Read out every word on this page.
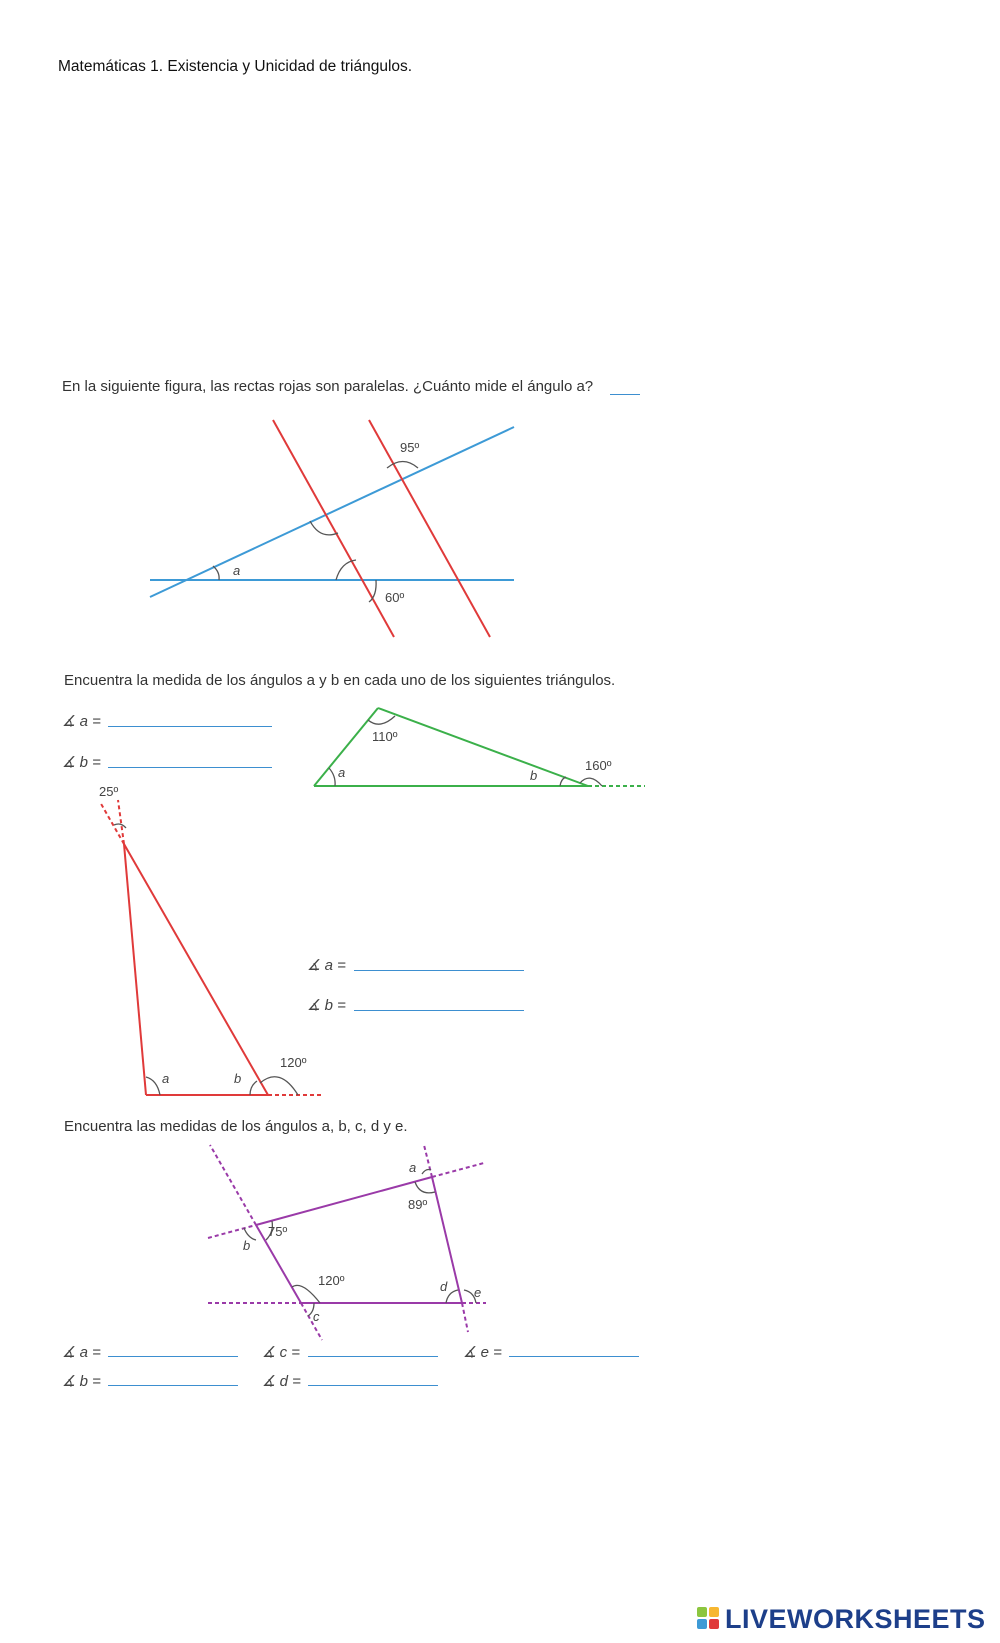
Matemáticas 1. Existencia y Unicidad de triángulos.
En la siguiente figura, las rectas rojas son paralelas. ¿Cuánto mide el ángulo a?
95º
a
60º
Encuentra la medida de los ángulos a y b en cada uno de los siguientes triángulos.
∡ a =
∡ b =
110º
a	b
160º
25º
a	b
120º
∡ a =
∡ b =
Encuentra las medidas de los ángulos a, b, c, d y e.
a
89º
75º
b
120º
c
d e
∡ a =
∡ b =
∡ c =
∡ d =
∡ e =
LIVEWORKSHEETS
